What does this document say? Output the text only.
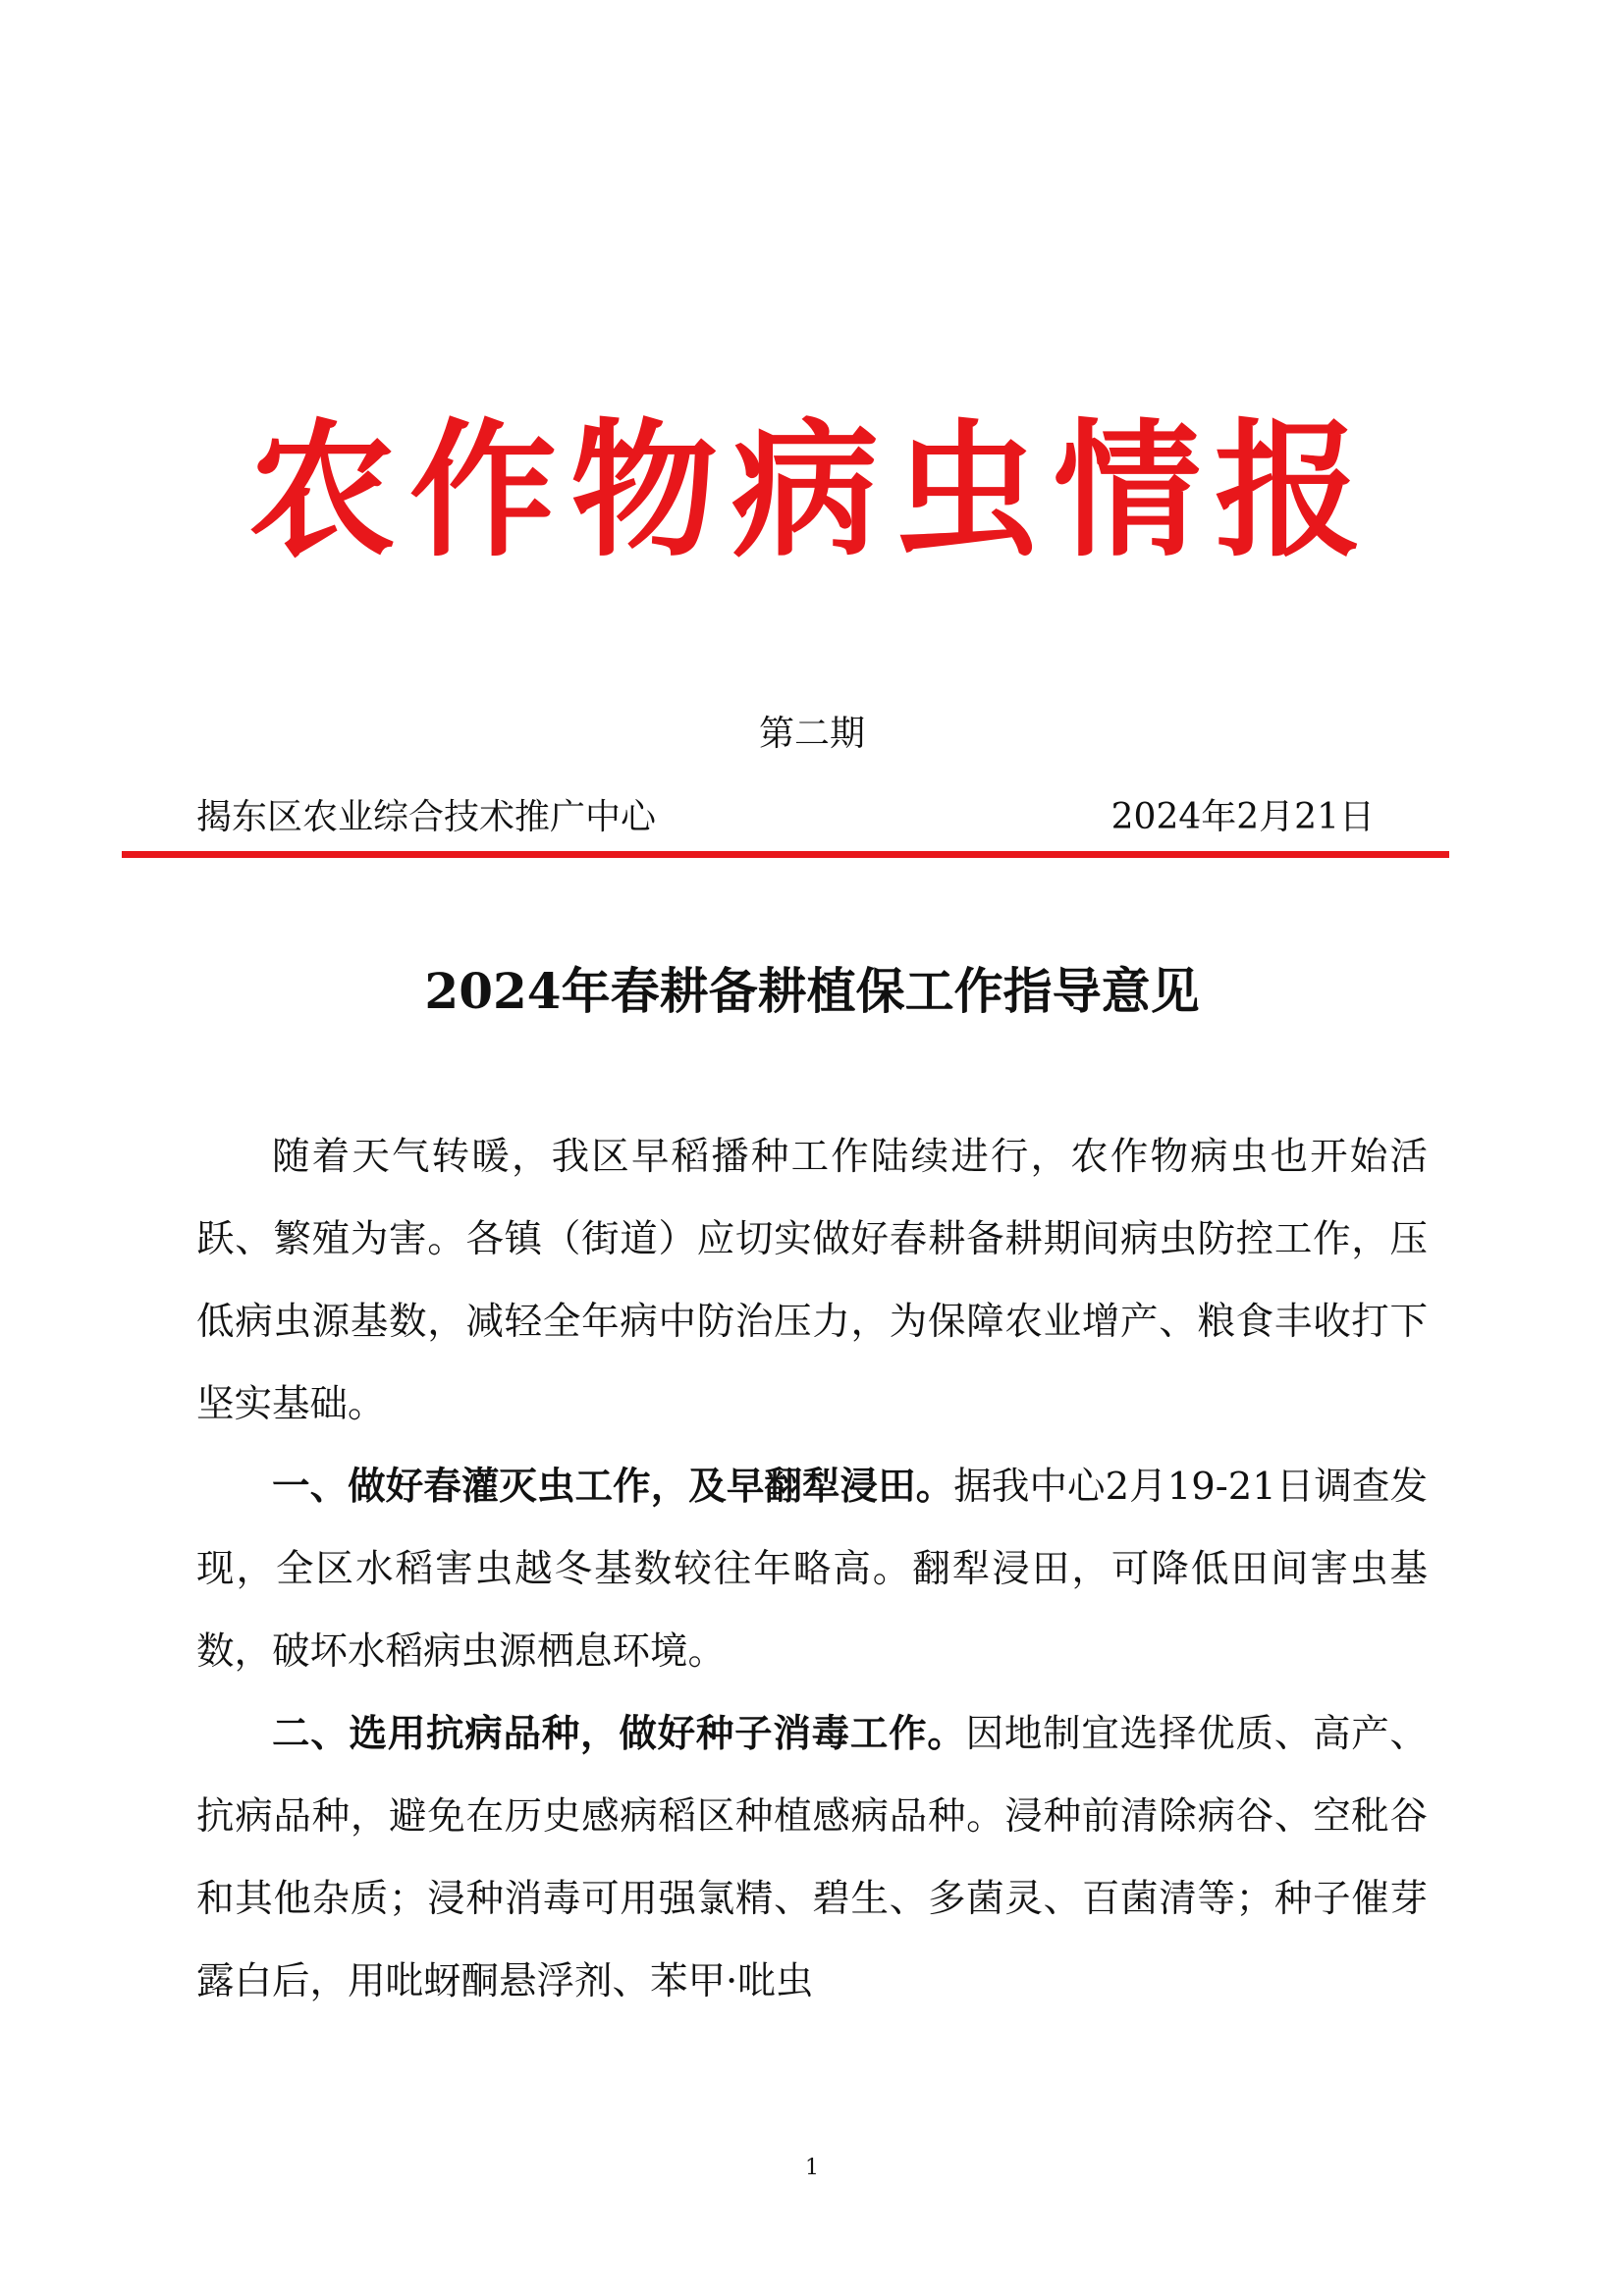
农作物病虫情报
第二期
揭东区农业综合技术推广中心	2024年2月21日
2024年春耕备耕植保工作指导意见

随着天气转暖，我区早稻播种工作陆续进行，农作物病虫也开始活跃、繁殖为害。各镇（街道）应切实做好春耕备耕期间病虫防控工作，压低病虫源基数，减轻全年病中防治压力，为保障农业增产、粮食丰收打下坚实基础。

一、做好春灌灭虫工作，及早翻犁浸田。据我中心2月19-21日调查发现，全区水稻害虫越冬基数较往年略高。翻犁浸田，可降低田间害虫基数，破坏水稻病虫源栖息环境。

二、选用抗病品种，做好种子消毒工作。因地制宜选择优质、高产、抗病品种，避免在历史感病稻区种植感病品种。浸种前清除病谷、空秕谷和其他杂质；浸种消毒可用强氯精、碧生、多菌灵、百菌清等；种子催芽露白后，用吡蚜酮悬浮剂、苯甲·吡虫

1
